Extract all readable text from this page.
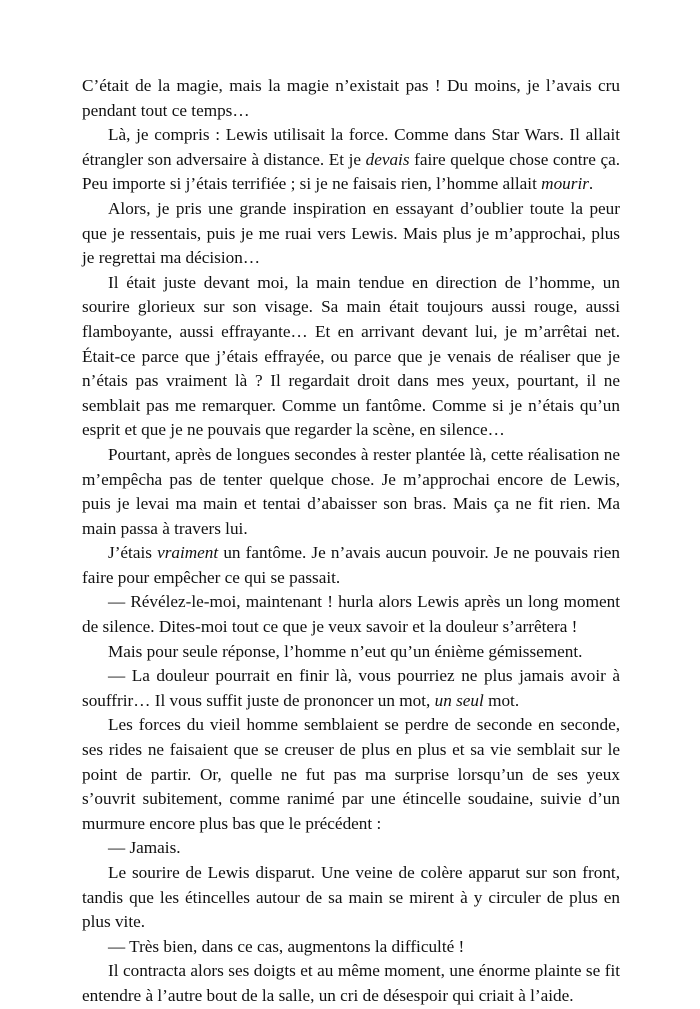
C’était de la magie, mais la magie n’existait pas ! Du moins, je l’avais cru pendant tout ce temps…

Là, je compris : Lewis utilisait la force. Comme dans Star Wars. Il allait étrangler son adversaire à distance. Et je devais faire quelque chose contre ça. Peu importe si j’étais terrifiée ; si je ne faisais rien, l’homme allait mourir.

Alors, je pris une grande inspiration en essayant d’oublier toute la peur que je ressentais, puis je me ruai vers Lewis. Mais plus je m’approchai, plus je regrettai ma décision…

Il était juste devant moi, la main tendue en direction de l’homme, un sourire glorieux sur son visage. Sa main était toujours aussi rouge, aussi flamboyante, aussi effrayante… Et en arrivant devant lui, je m’arrêtai net. Était-ce parce que j’étais effrayée, ou parce que je venais de réaliser que je n’étais pas vraiment là ? Il regardait droit dans mes yeux, pourtant, il ne semblait pas me remarquer. Comme un fantôme. Comme si je n’étais qu’un esprit et que je ne pouvais que regarder la scène, en silence…

Pourtant, après de longues secondes à rester plantée là, cette réalisation ne m’empêcha pas de tenter quelque chose. Je m’approchai encore de Lewis, puis je levai ma main et tentai d’abaisser son bras. Mais ça ne fit rien. Ma main passa à travers lui.

J’étais vraiment un fantôme. Je n’avais aucun pouvoir. Je ne pouvais rien faire pour empêcher ce qui se passait.

— Révélez-le-moi, maintenant ! hurla alors Lewis après un long moment de silence. Dites-moi tout ce que je veux savoir et la douleur s’arrêtera !

Mais pour seule réponse, l’homme n’eut qu’un énième gémissement.

— La douleur pourrait en finir là, vous pourriez ne plus jamais avoir à souffrir… Il vous suffit juste de prononcer un mot, un seul mot.

Les forces du vieil homme semblaient se perdre de seconde en seconde, ses rides ne faisaient que se creuser de plus en plus et sa vie semblait sur le point de partir. Or, quelle ne fut pas ma surprise lorsqu’un de ses yeux s’ouvrit subitement, comme ranimé par une étincelle soudaine, suivie d’un murmure encore plus bas que le précédent :

— Jamais.

Le sourire de Lewis disparut. Une veine de colère apparut sur son front, tandis que les étincelles autour de sa main se mirent à y circuler de plus en plus vite.

— Très bien, dans ce cas, augmentons la difficulté !

Il contracta alors ses doigts et au même moment, une énorme plainte se fit entendre à l’autre bout de la salle, un cri de désespoir qui criait à l’aide.
